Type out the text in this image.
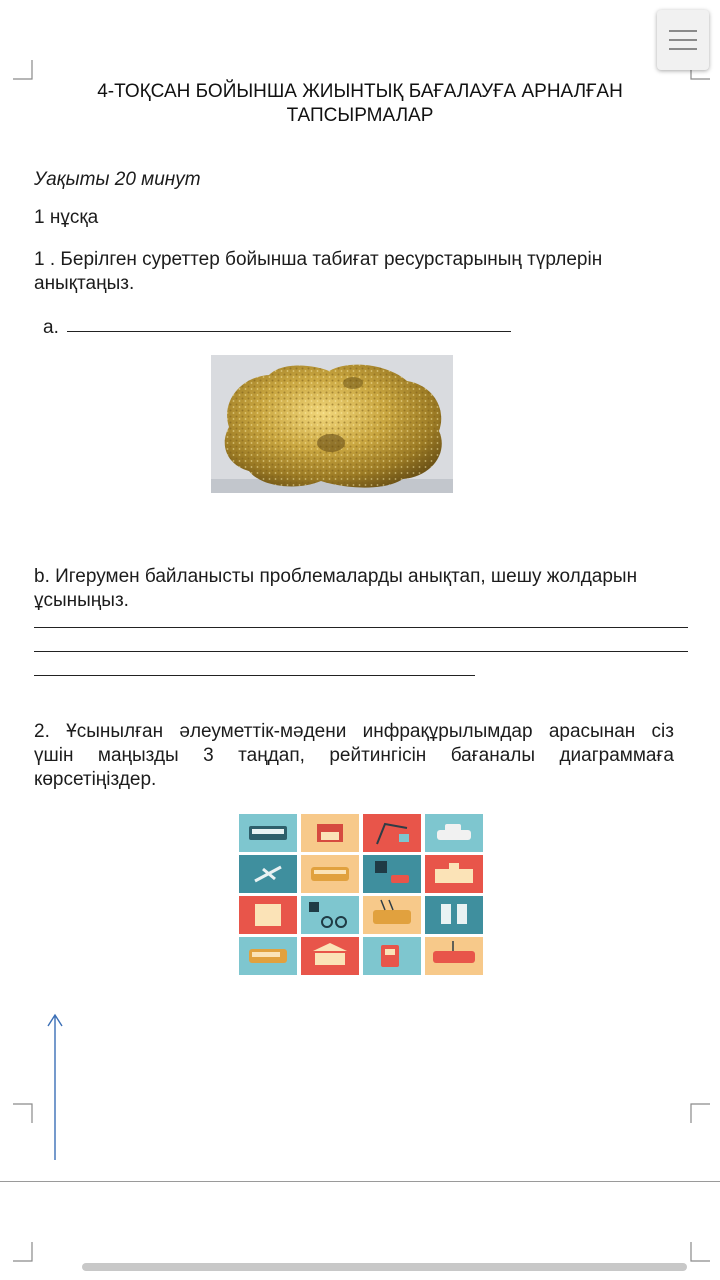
4-ТОҚСАН БОЙЫНША ЖИЫНТЫҚ БАҒАЛАУҒА АРНАЛҒАН
ТАПСЫРМАЛАР
Уақыты 20 минут
1 нұсқа
1 . Берілген суреттер бойынша табиғат ресурстарының түрлерін анықтаңыз.
а.
b. Игерумен байланысты проблемаларды анықтап, шешу жолдарын ұсыныңыз.
2. Ұсынылған әлеуметтік-мәдени инфрақұрылымдар арасынан сіз
үшін маңызды 3 таңдап, рейтингісін бағаналы диаграммаға
көрсетіңіздер.
